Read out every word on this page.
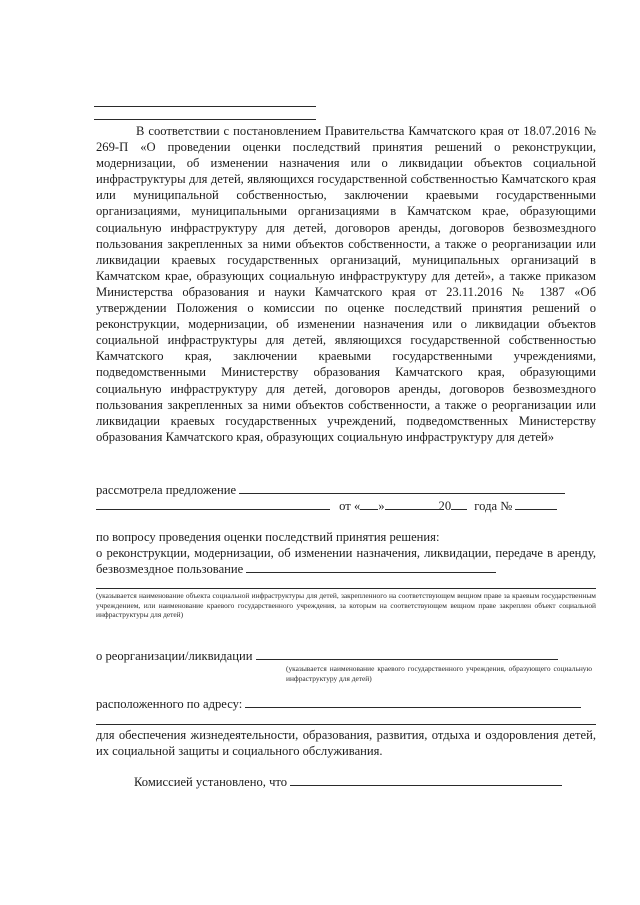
В соответствии с постановлением Правительства Камчатского края от 18.07.2016 № 269-П «О проведении оценки последствий принятия решений о реконструкции, модернизации, об изменении назначения или о ликвидации объектов социальной инфраструктуры для детей, являющихся государственной собственностью Камчатского края или муниципальной собственностью, заключении краевыми государственными организациями, муниципальными организациями в Камчатском крае, образующими социальную инфраструктуру для детей, договоров аренды, договоров безвозмездного пользования закрепленных за ними объектов собственности, а также о реорганизации или ликвидации краевых государственных организаций, муниципальных организаций в Камчатском крае, образующих социальную инфраструктуру для детей», а также приказом Министерства образования и науки Камчатского края от 23.11.2016 № 1387 «Об утверждении Положения о комиссии по оценке последствий принятия решений о реконструкции, модернизации, об изменении назначения или о ликвидации объектов социальной инфраструктуры для детей, являющихся государственной собственностью Камчатского края, заключении краевыми государственными учреждениями, подведомственными Министерству образования Камчатского края, образующими социальную инфраструктуру для детей, договоров аренды, договоров безвозмездного пользования закрепленных за ними объектов собственности, а также о реорганизации или ликвидации краевых государственных учреждений, подведомственных Министерству образования Камчатского края, образующих социальную инфраструктуру для детей»

рассмотрела предложение
от « »	20 года №
по вопросу проведения оценки последствий принятия решения:

о реконструкции, модернизации, об изменении назначения, ликвидации, передаче в аренду, безвозмездное пользование

(указывается наименование объекта социальной инфраструктуры для детей, закрепленного на соответствующем вещном праве за краевым государственным учреждением, или наименование краевого государственного учреждения, за которым на соответствующем вещном праве закреплен объект социальной инфраструктуры для детей)

о реорганизации/ликвидации

(указывается наименование краевого государственного учреждения, образующего социальную инфраструктуру для детей)

расположенного по адресу:

для обеспечения жизнедеятельности, образования, развития, отдыха и оздоровления детей, их социальной защиты и социального обслуживания.

Комиссией установлено, что
